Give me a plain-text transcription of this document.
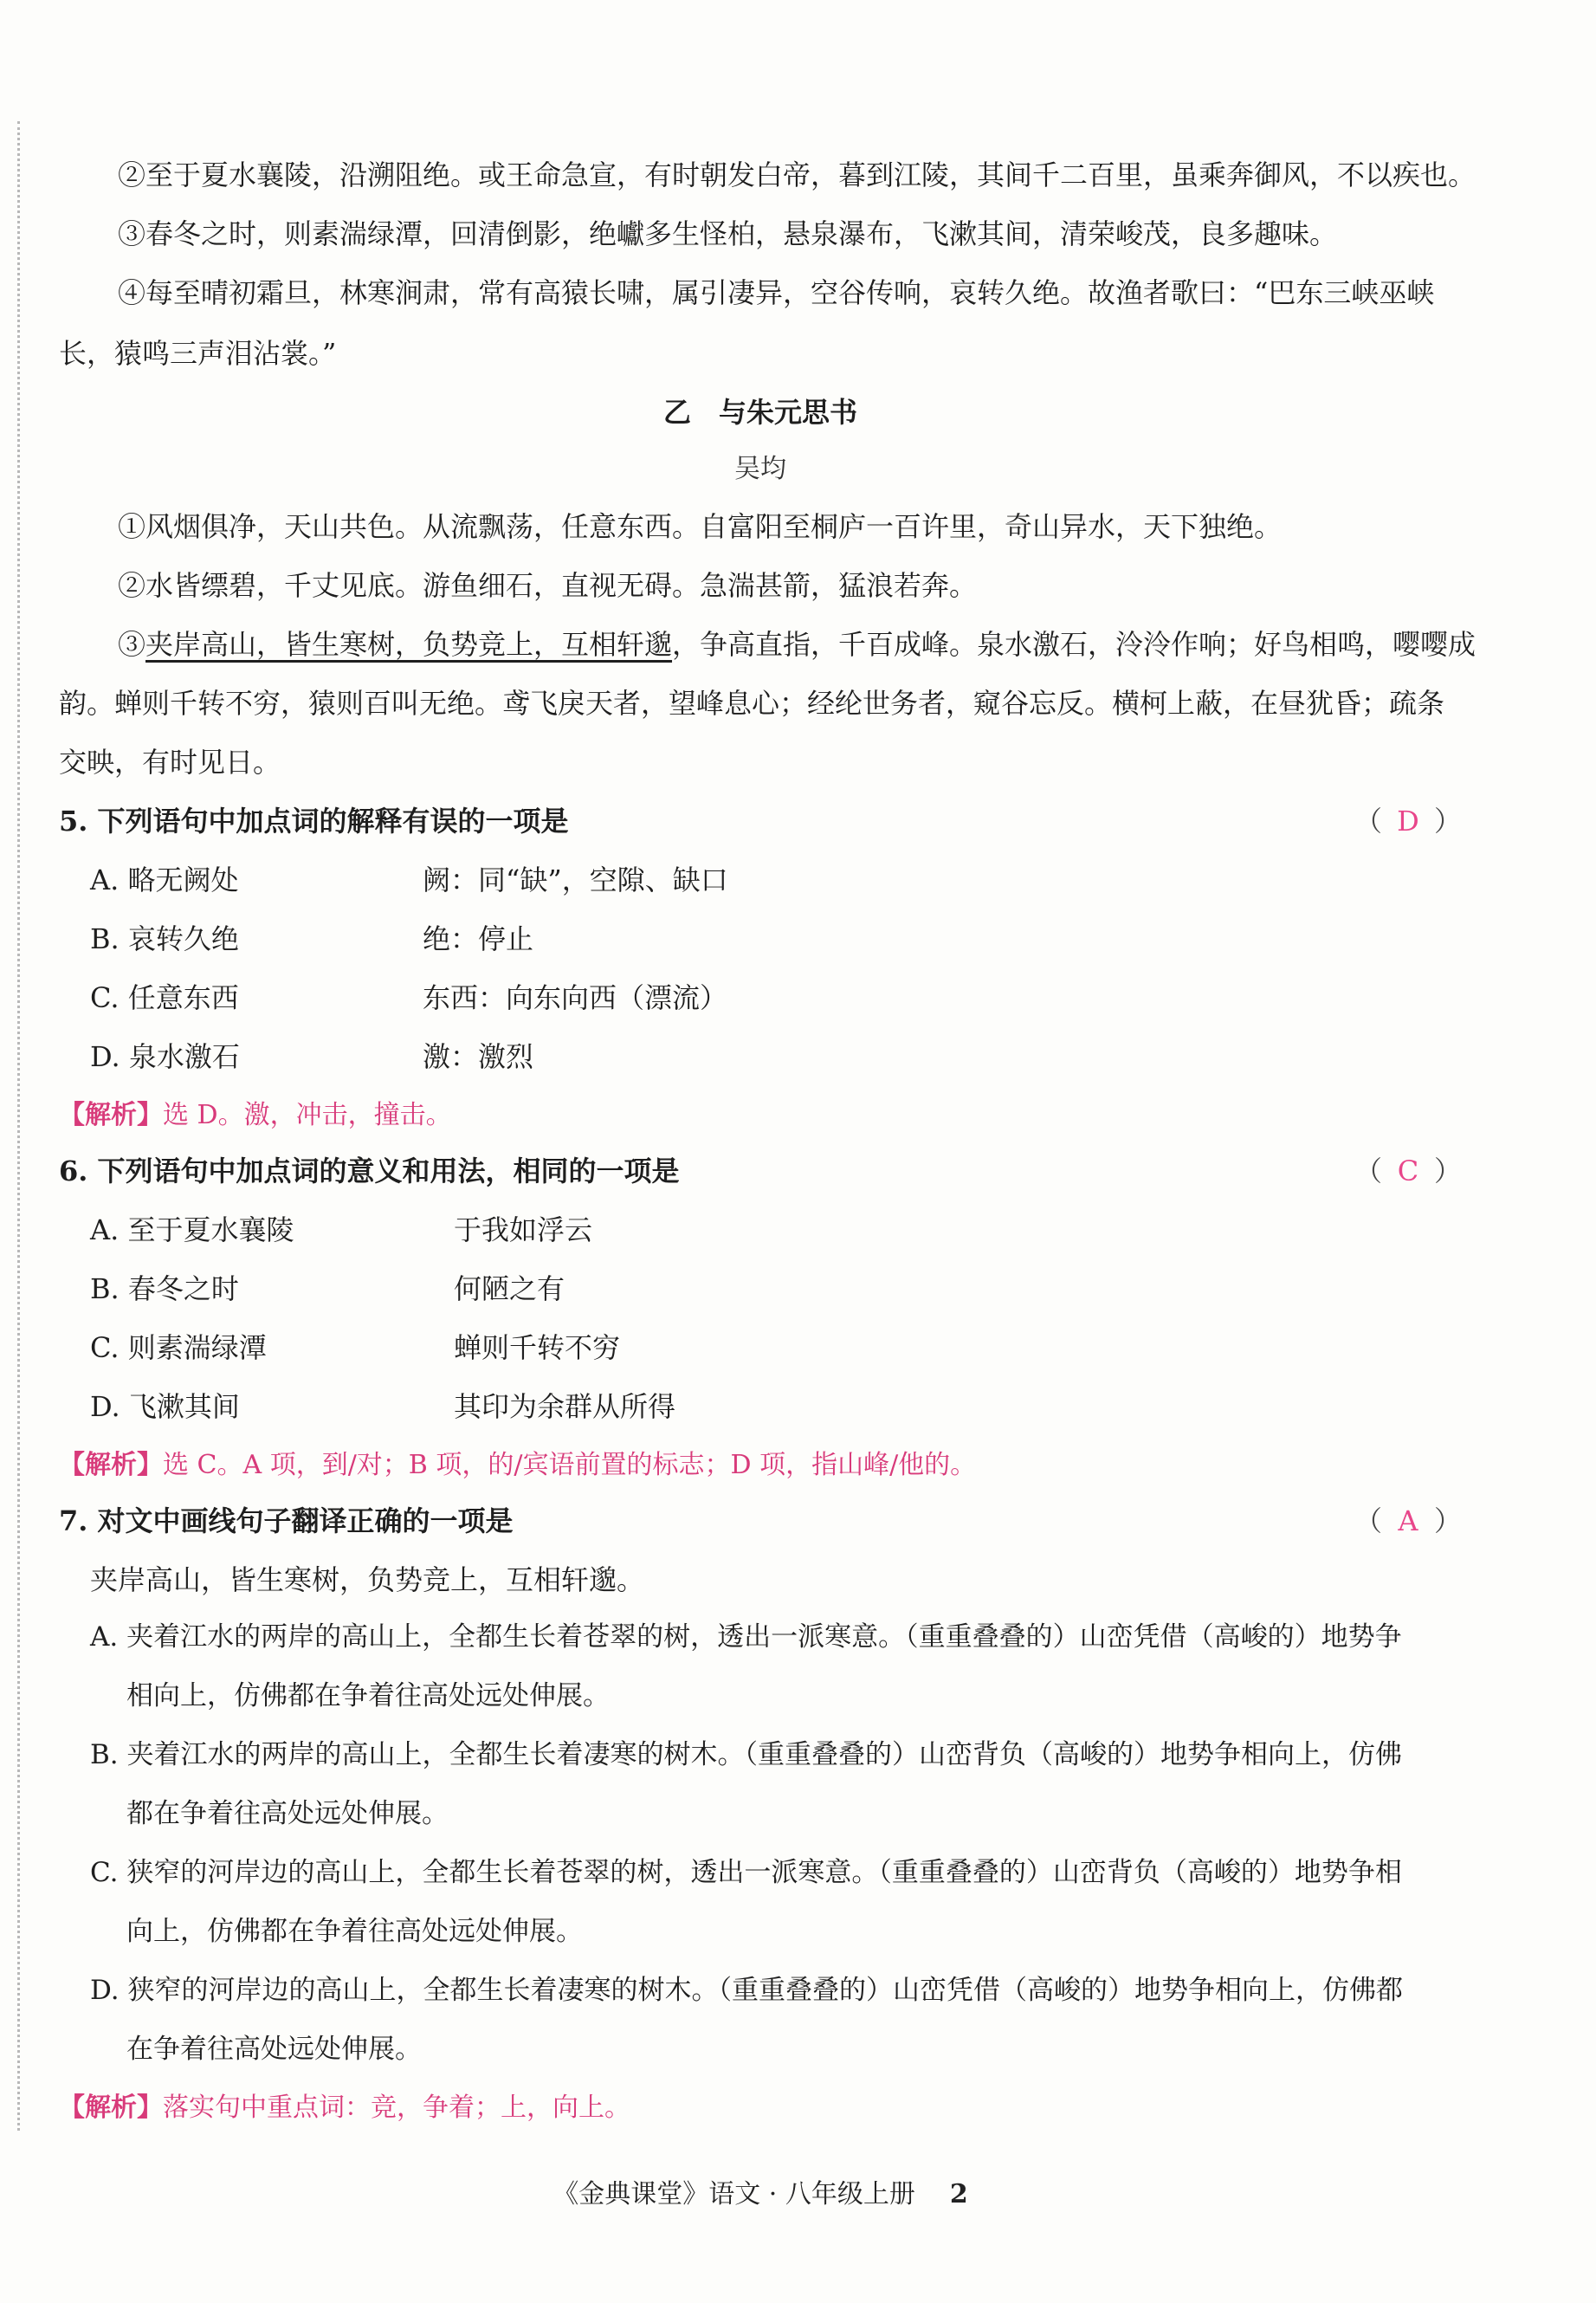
②至于夏水襄陵，沿溯阻绝。或王命急宣，有时朝发白帝，暮到江陵，其间千二百里，虽乘奔御风，不以疾也。
③春冬之时，则素湍绿潭，回清倒影，绝巘多生怪柏，悬泉瀑布，飞漱其间，清荣峻茂，良多趣味。
④每至晴初霜旦，林寒涧肃，常有高猿长啸，属引凄异，空谷传响，哀转久绝。故渔者歌曰：“巴东三峡巫峡
长，猿鸣三声泪沾裳。”
乙　与朱元思书
吴均
①风烟俱净，天山共色。从流飘荡，任意东西。自富阳至桐庐一百许里，奇山异水，天下独绝。
②水皆缥碧，千丈见底。游鱼细石，直视无碍。急湍甚箭，猛浪若奔。
③夹岸高山，皆生寒树，负势竞上，互相轩邈，争高直指，千百成峰。泉水激石，泠泠作响；好鸟相鸣，嘤嘤成
韵。蝉则千转不穷，猿则百叫无绝。鸢飞戾天者，望峰息心；经纶世务者，窥谷忘反。横柯上蔽，在昼犹昏；疏条
交映，有时见日。
5. 下列语句中加点词的解释有误的一项是	（ D ）
A. 略无阙处	阙：同“缺”，空隙、缺口
B. 哀转久绝	绝：停止
C. 任意东西	东西：向东向西（漂流）
D. 泉水激石	激：激烈
【解析】选 D。激，冲击，撞击。
6. 下列语句中加点词的意义和用法，相同的一项是	（ C ）
A. 至于夏水襄陵	于我如浮云
B. 春冬之时	何陋之有
C. 则素湍绿潭	蝉则千转不穷
D. 飞漱其间	其印为余群从所得
【解析】选 C。A 项，到/对；B 项，的/宾语前置的标志；D 项，指山峰/他的。
7. 对文中画线句子翻译正确的一项是	（ A ）
夹岸高山，皆生寒树，负势竞上，互相轩邈。
A. 夹着江水的两岸的高山上，全都生长着苍翠的树，透出一派寒意。（重重叠叠的）山峦凭借（高峻的）地势争
相向上，仿佛都在争着往高处远处伸展。
B. 夹着江水的两岸的高山上，全都生长着凄寒的树木。（重重叠叠的）山峦背负（高峻的）地势争相向上，仿佛
都在争着往高处远处伸展。
C. 狭窄的河岸边的高山上，全都生长着苍翠的树，透出一派寒意。（重重叠叠的）山峦背负（高峻的）地势争相
向上，仿佛都在争着往高处远处伸展。
D. 狭窄的河岸边的高山上，全都生长着凄寒的树木。（重重叠叠的）山峦凭借（高峻的）地势争相向上，仿佛都
在争着往高处远处伸展。
【解析】落实句中重点词：竞，争着；上，向上。
《金典课堂》语文 · 八年级上册 2
